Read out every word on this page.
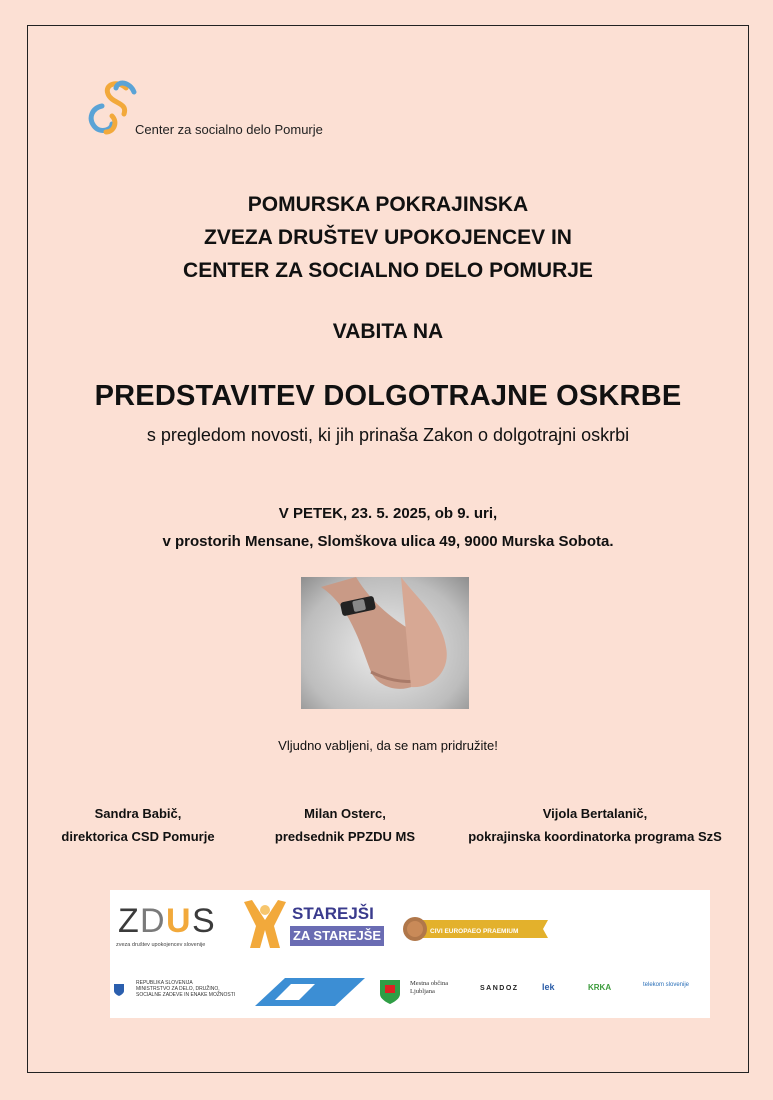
Center za socialno delo Pomurje
POMURSKA POKRAJINSKA
ZVEZA DRUŠTEV UPOKOJENCEV IN
CENTER ZA SOCIALNO DELO POMURJE
VABITA NA
PREDSTAVITEV DOLGOTRAJNE OSKRBE
s pregledom novosti, ki jih prinaša Zakon o dolgotrajni oskrbi
V PETEK, 23. 5. 2025, ob 9. uri,
v prostorih Mensane, Slomškova ulica 49, 9000 Murska Sobota.
Vljudno vabljeni, da se nam pridružite!
Sandra Babič,
direktorica CSD Pomurje
Milan Osterc,
predsednik PPZDU MS
Vijola Bertalanič,
pokrajinska koordinatorka programa SzS
Z D U S
zveza društev upokojencev slovenije
STAREJŠI
ZA STAREJŠE	CIVI EUROPAEO PRAEMIUM
REPUBLIKA SLOVENIJA
MINISTRSTVO ZA DELO, DRUŽINO,
SOCIALNE ZADEVE IN ENAKE MOŽNOSTI
Mestna občina
Ljubljana	SANDOZ	lek	KRKA	telekom slovenije
